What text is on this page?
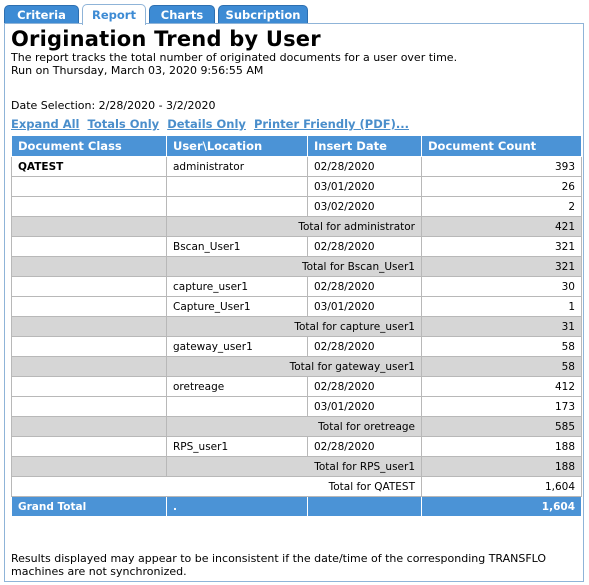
Criteria	Report	Charts	Subcription
Origination Trend by User
The report tracks the total number of originated documents for a user over time.
Run on Thursday, March 03, 2020 9:56:55 AM
Date Selection: 2/28/2020 - 3/2/2020
Expand All Totals Only Details Only Printer Friendly (PDF)...
Document Class	User\Location	Insert Date	Document Count
QATEST	administrator	02/28/2020	393
		03/01/2020	26
		03/02/2020	2
	Total for administrator		421
	Bscan_User1	02/28/2020	321
	Total for Bscan_User1		321
	capture_user1	02/28/2020	30
	Capture_User1	03/01/2020	1
	Total for capture_user1		31
	gateway_user1	02/28/2020	58
	Total for gateway_user1		58
	oretreage	02/28/2020	412
		03/01/2020	173
	Total for oretreage		585
	RPS_user1	02/28/2020	188
	Total for RPS_user1		188
Total for QATEST			1,604
Grand Total	.		1,604
Results displayed may appear to be inconsistent if the date/time of the corresponding TRANSFLO machines are not synchronized.
